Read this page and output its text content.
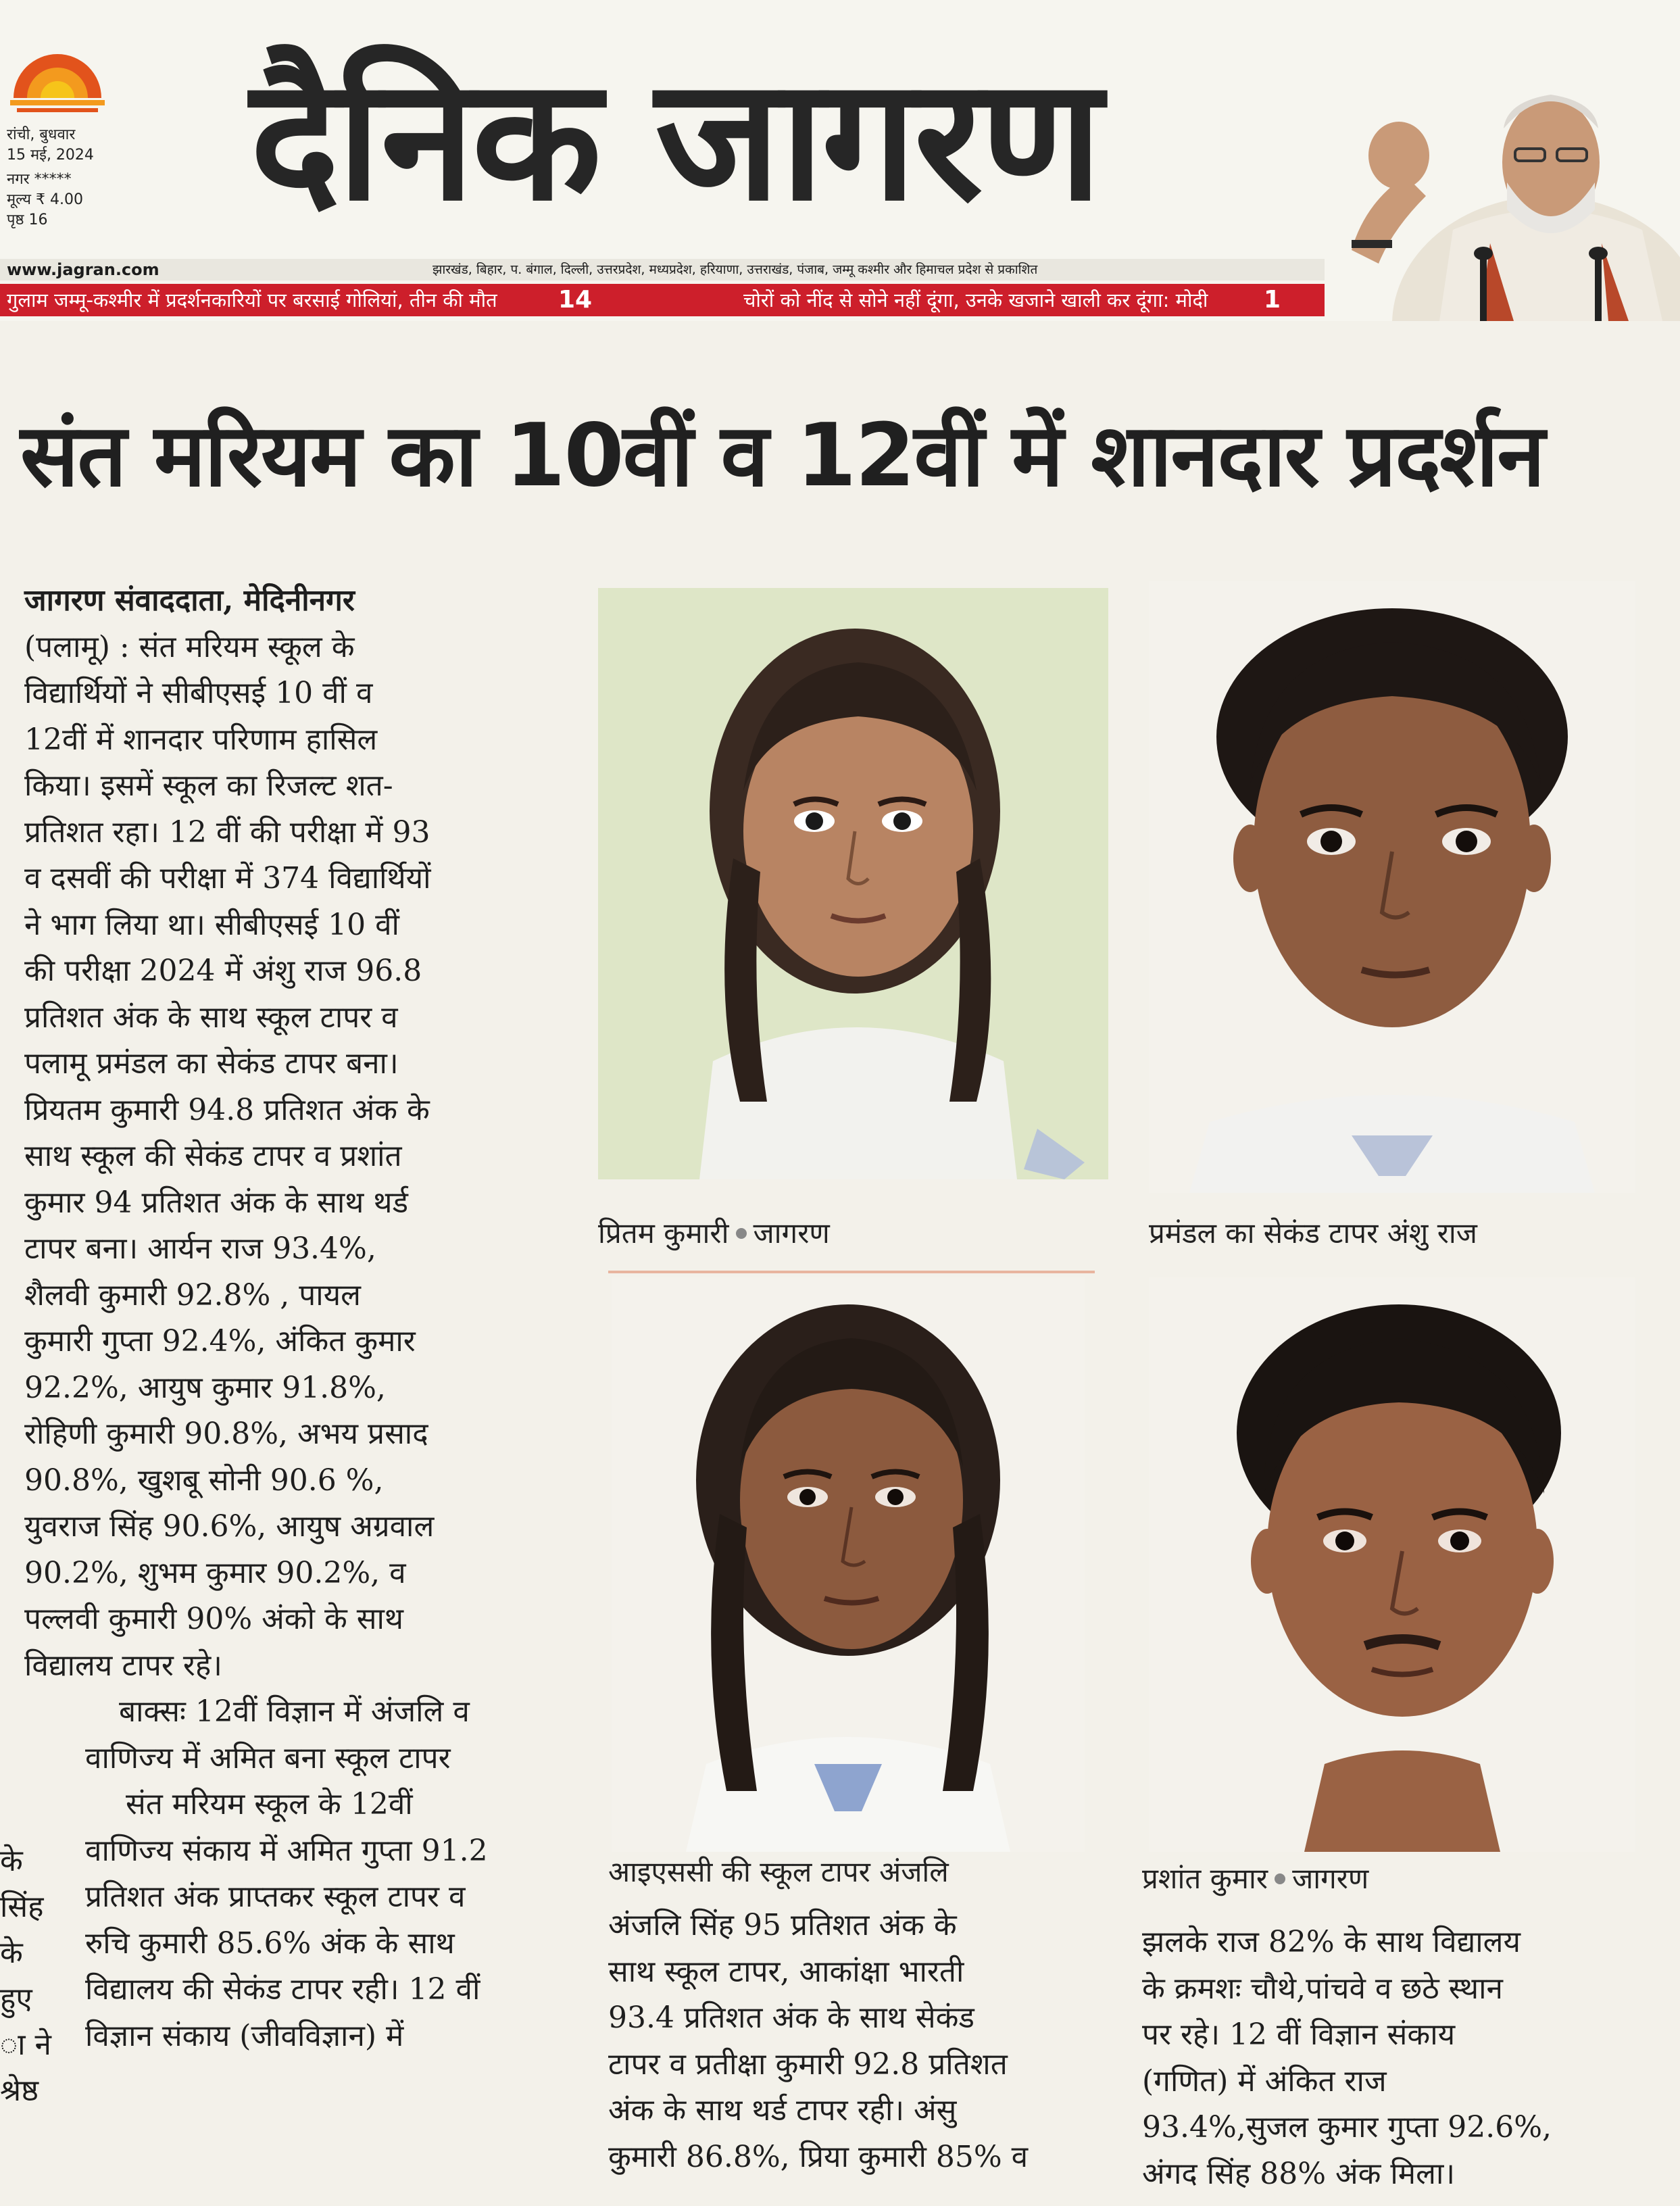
रांची, बुधवार
15 मई, 2024
नगर *****
मूल्य ₹ 4.00
पृष्ठ 16 दैनिक जागरण
www.jagran.com	झारखंड, बिहार, प. बंगाल, दिल्ली, उत्तरप्रदेश, मध्यप्रदेश, हरियाणा, उत्तराखंड, पंजाब, जम्मू कश्मीर और हिमाचल प्रदेश से प्रकाशित
गुलाम जम्मू-कश्मीर में प्रदर्शनकारियों पर बरसाई गोलियां, तीन की मौत	14	चोरों को नींद से सोने नहीं दूंगा, उनके खजाने खाली कर दूंगा: मोदी 1
संत मरियम का 10वीं व 12वीं में शानदार प्रदर्शन

जागरण संवाददाता, मेदिनीनगर

(पलामू) : संत मरियम स्कूल के

विद्यार्थियों ने सीबीएसई 10 वीं व

12वीं में शानदार परिणाम हासिल

किया। इसमें स्कूल का रिजल्ट शत-

प्रतिशत रहा। 12 वीं की परीक्षा में 93

व दसवीं की परीक्षा में 374 विद्यार्थियों

ने भाग लिया था। सीबीएसई 10 वीं

की परीक्षा 2024 में अंशु राज 96.8

प्रतिशत अंक के साथ स्कूल टापर व

पलामू प्रमंडल का सेकंड टापर बना।

प्रियतम कुमारी 94.8 प्रतिशत अंक के

साथ स्कूल की सेकंड टापर व प्रशांत

कुमार 94 प्रतिशत अंक के साथ थर्ड

टापर बना। आर्यन राज 93.4%,

शैलवी कुमारी 92.8% , पायल

कुमारी गुप्ता 92.4%, अंकित कुमार

92.2%, आयुष कुमार 91.8%,

रोहिणी कुमारी 90.8%, अभय प्रसाद

90.8%, खुशबू सोनी 90.6 %,

युवराज सिंह 90.6%, आयुष अग्रवाल

90.2%, शुभम कुमार 90.2%, व

पल्लवी कुमारी 90% अंको के साथ

विद्यालय टापर रहे।

बाक्सः 12वीं विज्ञान में अंजलि व

वाणिज्य में अमित बना स्कूल टापर

संत मरियम स्कूल के 12वीं

वाणिज्य संकाय में अमित गुप्ता 91.2

प्रतिशत अंक प्राप्तकर स्कूल टापर व

रुचि कुमारी 85.6% अंक के साथ

विद्यालय की सेकंड टापर रही। 12 वीं

विज्ञान संकाय (जीवविज्ञान) में

के
सिंह
के
हुए
ा ने
श्रेष्ठ
प्रितम कुमारी जागरण	प्रमंडल का सेकंड टापर अंशु राज
आइएससी की स्कूल टापर अंजलि	प्रशांत कुमार जागरण
अंजलि सिंह 95 प्रतिशत अंक के
साथ स्कूल टापर, आकांक्षा भारती
93.4 प्रतिशत अंक के साथ सेकंड
टापर व प्रतीक्षा कुमारी 92.8 प्रतिशत
अंक के साथ थर्ड टापर रही। अंसु
कुमारी 86.8%, प्रिया कुमारी 85% व
झलके राज 82% के साथ विद्यालय
के क्रमशः चौथे,पांचवे व छठे स्थान
पर रहे। 12 वीं विज्ञान संकाय
(गणित) में अंकित राज
93.4%,सुजल कुमार गुप्ता 92.6%,
अंगद सिंह 88% अंक मिला।
